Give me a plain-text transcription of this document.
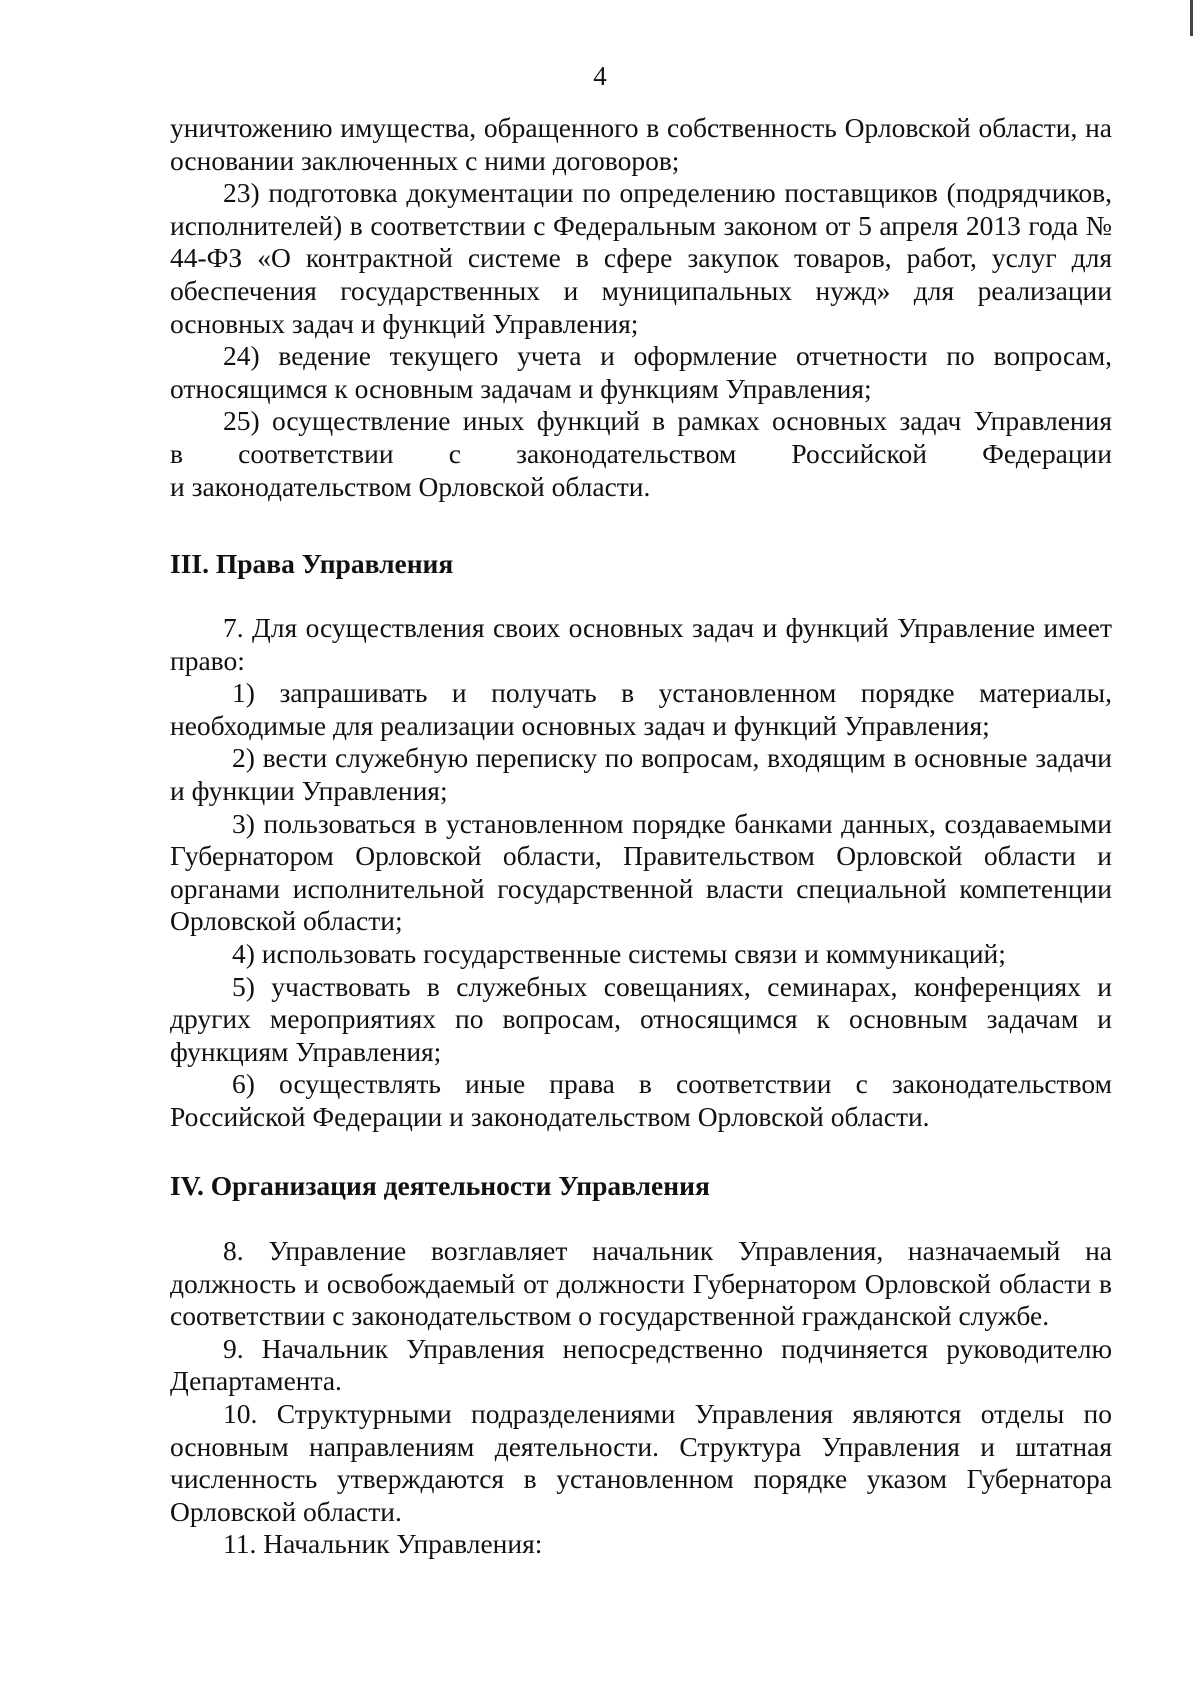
4

уничтожению имущества, обращенного в собственность Орловской области, на основании заключенных с ними договоров;

23) подготовка документации по определению поставщиков (подрядчиков, исполнителей) в соответствии с Федеральным законом от 5 апреля 2013 года № 44-ФЗ «О контрактной системе в сфере закупок товаров, работ, услуг для обеспечения государственных и муниципальных нужд» для реализации основных задач и функций Управления;

24) ведение текущего учета и оформление отчетности по вопросам, относящимся к основным задачам и функциям Управления;

25) осуществление иных функций в рамках основных задач Управления

в соответствии с законодательством Российской Федерации

и законодательством Орловской области.

III. Права Управления

7. Для осуществления своих основных задач и функций Управление имеет право:

1) запрашивать и получать в установленном порядке материалы, необходимые для реализации основных задач и функций Управления;

2) вести служебную переписку по вопросам, входящим в основные задачи и функции Управления;

3) пользоваться в установленном порядке банками данных, создаваемыми Губернатором Орловской области, Правительством Орловской области и органами исполнительной государственной власти специальной компетенции Орловской области;

4) использовать государственные системы связи и коммуникаций;

5) участвовать в служебных совещаниях, семинарах, конференциях и других мероприятиях по вопросам, относящимся к основным задачам и функциям Управления;

6) осуществлять иные права в соответствии с законодательством Российской Федерации и законодательством Орловской области.

IV. Организация деятельности Управления

8. Управление возглавляет начальник Управления, назначаемый на должность и освобождаемый от должности Губернатором Орловской области в соответствии с законодательством о государственной гражданской службе.

9. Начальник Управления непосредственно подчиняется руководителю Департамента.

10. Структурными подразделениями Управления являются отделы по основным направлениям деятельности. Структура Управления и штатная численность утверждаются в установленном порядке указом Губернатора Орловской области.

11. Начальник Управления:
